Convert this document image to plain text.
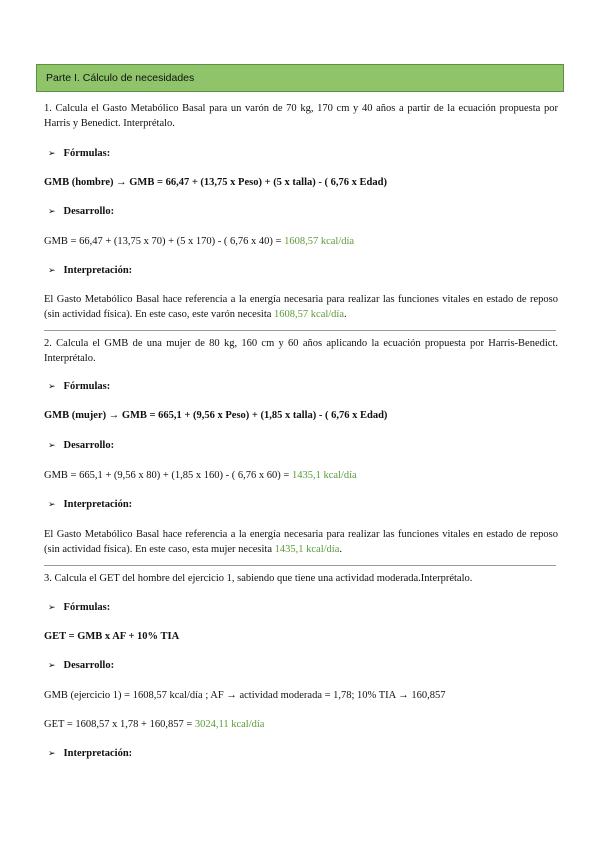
Parte I. Cálculo de necesidades
1. Calcula el Gasto Metabólico Basal para un varón de 70 kg, 170 cm y 40 años a partir de la ecuación propuesta por Harris y Benedict. Interprétalo.
➢ Fórmulas:
GMB (hombre) → GMB = 66,47 + (13,75 x Peso) + (5 x talla) - ( 6,76 x Edad)
➢ Desarrollo:
GMB = 66,47 + (13,75 x 70) + (5 x 170) - ( 6,76 x 40) = 1608,57 kcal/día
➢ Interpretación:
El Gasto Metabólico Basal hace referencia a la energía necesaria para realizar las funciones vitales en estado de reposo (sin actividad física). En este caso, este varón necesita 1608,57 kcal/día.
2. Calcula el GMB de una mujer de 80 kg, 160 cm y 60 años aplicando la ecuación propuesta por Harris-Benedict. Interprétalo.
➢ Fórmulas:
GMB (mujer) → GMB = 665,1 + (9,56 x Peso) + (1,85 x talla) - ( 6,76 x Edad)
➢ Desarrollo:
GMB = 665,1 + (9,56 x 80) + (1,85 x 160) - ( 6,76 x 60) = 1435,1 kcal/día
➢ Interpretación:
El Gasto Metabólico Basal hace referencia a la energía necesaria para realizar las funciones vitales en estado de reposo (sin actividad física). En este caso, esta mujer necesita 1435,1 kcal/día.
3. Calcula el GET del hombre del ejercicio 1, sabiendo que tiene una actividad moderada.Interprétalo.
➢ Fórmulas:
GET = GMB x AF + 10% TIA
➢ Desarrollo:
GMB (ejercicio 1) = 1608,57 kcal/día ; AF → actividad moderada = 1,78; 10% TIA → 160,857
GET = 1608,57 x 1,78 + 160,857 = 3024,11 kcal/día
➢ Interpretación:
